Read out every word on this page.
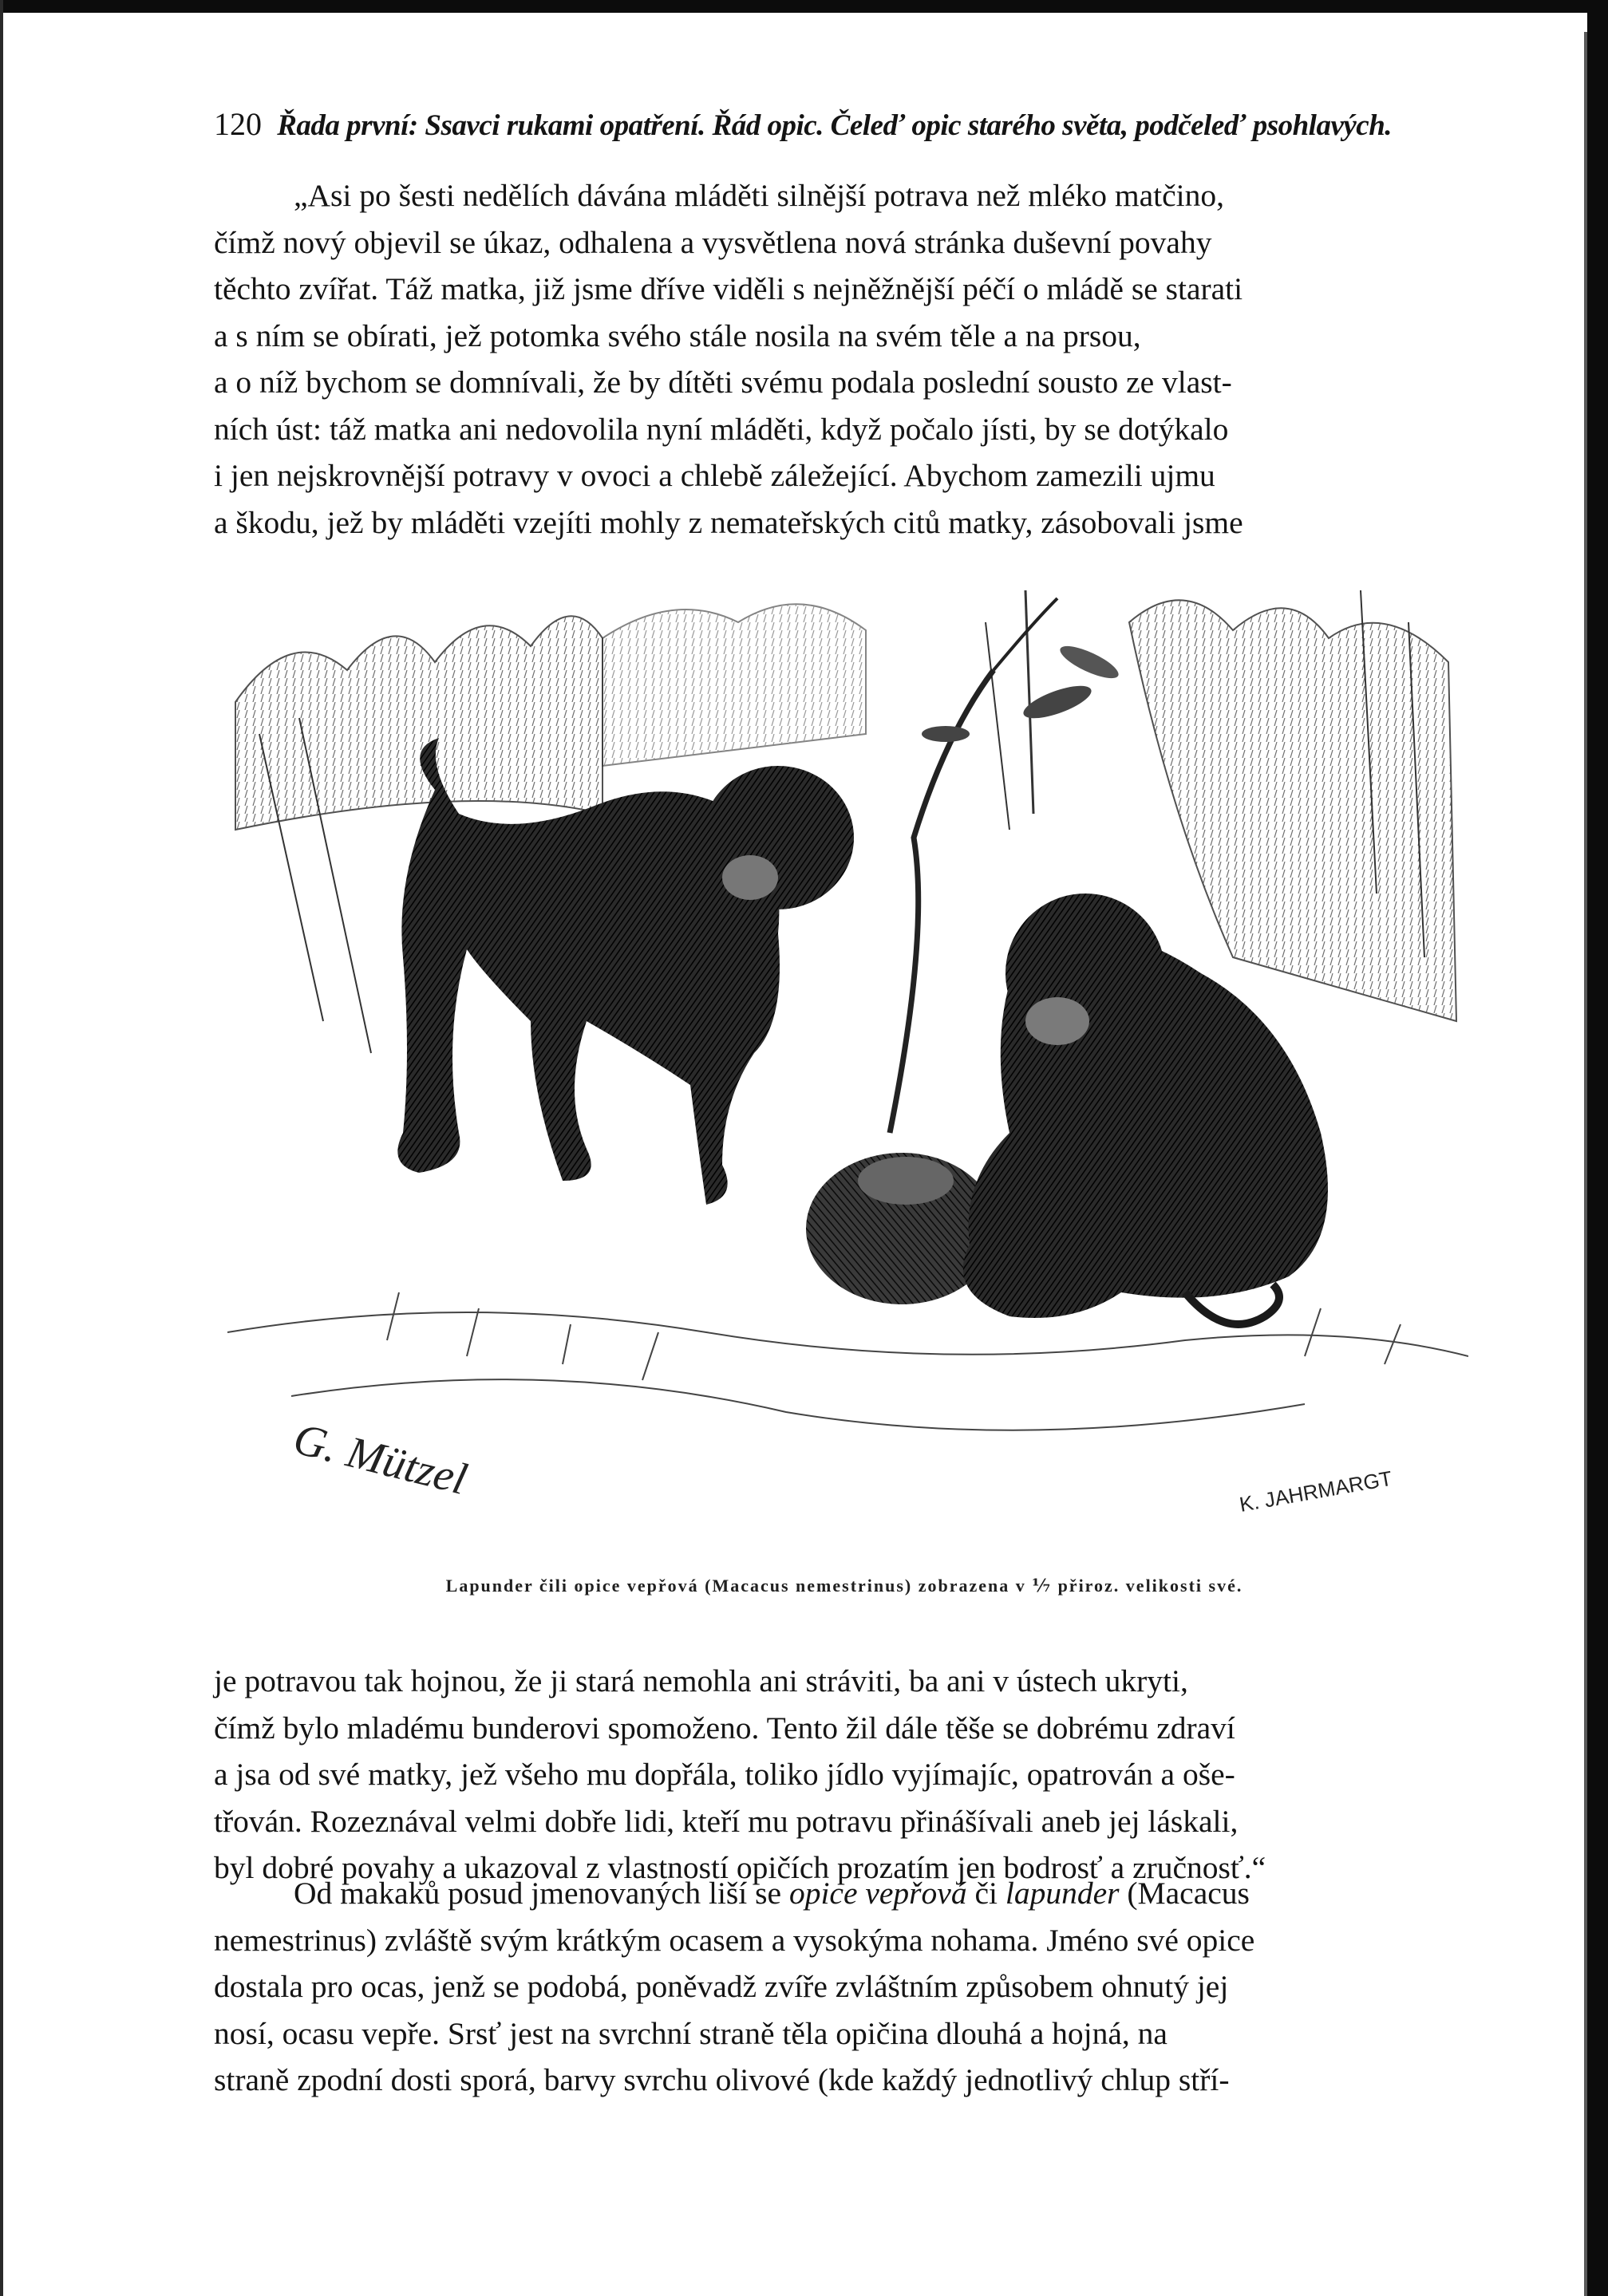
120 Řada první: Ssavci rukami opatření. Řád opic. Čeleď opic starého světa, podčeleď psohlavých.

„Asi po šesti nedělích dávána mláděti silnější potrava než mléko matčino,

čímž nový objevil se úkaz, odhalena a vysvětlena nová stránka duševní povahy

těchto zvířat. Táž matka, již jsme dříve viděli s nejněžnější péčí o mládě se starati

a s ním se obírati, jež potomka svého stále nosila na svém těle a na prsou,

a o níž bychom se domnívali, že by dítěti svému podala poslední sousto ze vlast-

ních úst: táž matka ani nedovolila nyní mláděti, když počalo jísti, by se dotýkalo

i jen nejskrovnější potravy v ovoci a chlebě záležející. Abychom zamezili ujmu

a škodu, jež by mláděti vzejíti mohly z nemateřských citů matky, zásobovali jsme

G. Mützel	K. JAHRMARGT
Lapunder čili opice vepřová (Macacus nemestrinus) zobrazena v ⅐ přiroz. velikosti své.

je potravou tak hojnou, že ji stará nemohla ani stráviti, ba ani v ústech ukryti,

čímž bylo mladému bunderovi spomoženo. Tento žil dále těše se dobrému zdraví

a jsa od své matky, jež všeho mu dopřála, toliko jídlo vyjímajíc, opatrován a oše-

třován. Rozeznával velmi dobře lidi, kteří mu potravu přinášívali aneb jej láskali,

byl dobré povahy a ukazoval z vlastností opičích prozatím jen bodrosť a zručnosť.“

Od makaků posud jmenovaných liší se opice vepřová či lapunder (Macacus

nemestrinus) zvláště svým krátkým ocasem a vysokýma nohama. Jméno své opice

dostala pro ocas, jenž se podobá, poněvadž zvíře zvláštním způsobem ohnutý jej

nosí, ocasu vepře. Srsť jest na svrchní straně těla opičina dlouhá a hojná, na

straně zpodní dosti sporá, barvy svrchu olivové (kde každý jednotlivý chlup stří-
